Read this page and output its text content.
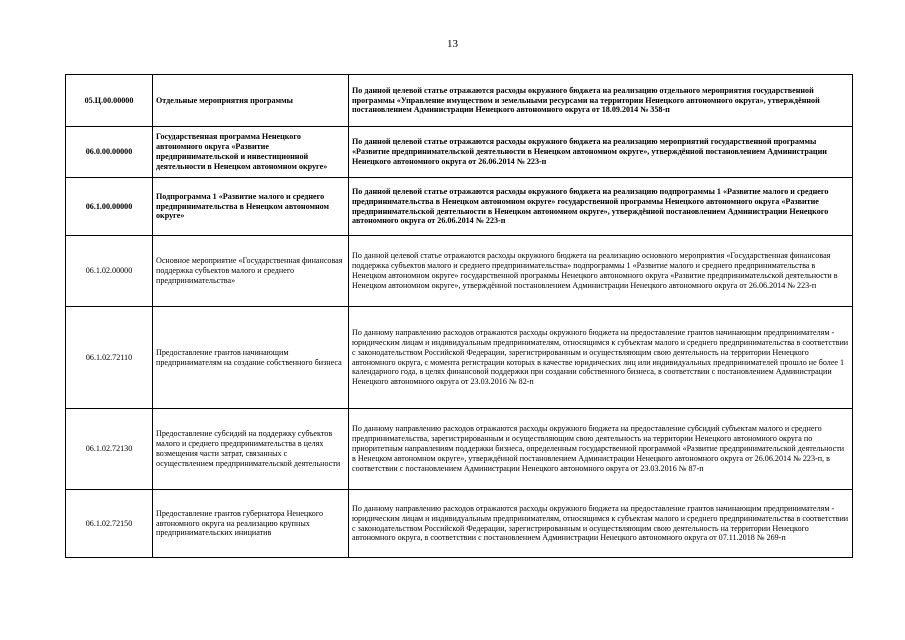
13
05.Ц.00.00000	Отдельные мероприятия программы	По данной целевой статье отражаются расходы окружного бюджета на реализацию отдельного мероприятия государственной программы «Управление имуществом и земельными ресурсами на территории Ненецкого автономного округа», утверждённой постановлением Администрации Ненецкого автономного округа от 18.09.2014 № 358-п
06.0.00.00000	Государственная программа Ненецкого автономного округа «Развитие предпринимательской и инвестиционной деятельности в Ненецком автономном округе»	По данной целевой статье отражаются расходы окружного бюджета на реализацию мероприятий государственной программы «Развитие предпринимательской деятельности в Ненецком автономном округе», утверждённой постановлением Администрации Ненецкого автономного округа от 26.06.2014 № 223-п
06.1.00.00000	Подпрограмма 1 «Развитие малого и среднего предпринимательства в Ненецком автономном округе»	По данной целевой статье отражаются расходы окружного бюджета на реализацию подпрограммы 1 «Развитие малого и среднего предпринимательства в Ненецком автономном округе» государственной программы Ненецкого автономного округа «Развитие предпринимательской деятельности в Ненецком автономном округе», утверждённой постановлением Администрации Ненецкого автономного округа от 26.06.2014 № 223-п
06.1.02.00000	Основное мероприятие «Государственная финансовая поддержка субъектов малого и среднего предпринимательства»	По данной целевой статье отражаются расходы окружного бюджета на реализацию основного мероприятия «Государственная финансовая поддержка субъектов малого и среднего предпринимательства» подпрограммы 1 «Развитие малого и среднего предпринимательства в Ненецком автономном округе» государственной программы Ненецкого автономного округа «Развитие предпринимательской деятельности в Ненецком автономном округе», утверждённой постановлением Администрации Ненецкого автономного округа от 26.06.2014 № 223-п
06.1.02.72110	Предоставление грантов начинающим предпринимателям на создание собственного бизнеса	По данному направлению расходов отражаются расходы окружного бюджета на предоставление грантов начинающим предпринимателям - юридическим лицам и индивидуальным предпринимателям, относящимся к субъектам малого и среднего предпринимательства в соответствии с законодательством Российской Федерации, зарегистрированным и осуществляющим свою деятельность на территории Ненецкого автономного округа, с момента регистрации которых в качестве юридических лиц или индивидуальных предпринимателей прошло не более 1 календарного года, в целях финансовой поддержки при создании собственного бизнеса, в соответствии с постановлением Администрации Ненецкого автономного округа от 23.03.2016 № 82-п
06.1.02.72130	Предоставление субсидий на поддержку субъектов малого и среднего предпринимательства в целях возмещения части затрат, связанных с осуществлением предпринимательской деятельности	По данному направлению расходов отражаются расходы окружного бюджета на предоставление субсидий субъектам малого и среднего предпринимательства, зарегистрированным и осуществляющим свою деятельность на территории Ненецкого автономного округа по приоритетным направлениям поддержки бизнеса, определенным государственной программой «Развитие предпринимательской деятельности в Ненецком автономном округе», утверждённой постановлением Администрации Ненецкого автономного округа от 26.06.2014 № 223-п, в соответствии с постановлением Администрации Ненецкого автономного округа от 23.03.2016 № 87-п
06.1.02.72150	Предоставление грантов губернатора Ненецкого автономного округа на реализацию крупных предпринимательских инициатив	По данному направлению расходов отражаются расходы окружного бюджета на предоставление грантов начинающим предпринимателям - юридическим лицам и индивидуальным предпринимателям, относящимся к субъектам малого и среднего предпринимательства в соответствии с законодательством Российской Федерации, зарегистрированным и осуществляющим свою деятельность на территории Ненецкого автономного округа, в соответствии с постановлением Администрации Ненецкого автономного округа от 07.11.2018 № 269-п
